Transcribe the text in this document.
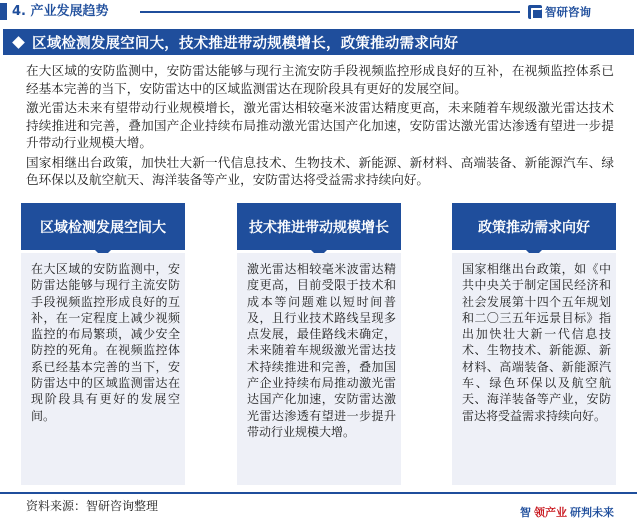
4. 产业发展趋势	智研咨询
区域检测发展空间大，技术推进带动规模增长，政策推动需求向好

在大区域的安防监测中，安防雷达能够与现行主流安防手段视频监控形成良好的互补，在视频监控体系已经基本完善的当下，安防雷达中的区域监测雷达在现阶段具有更好的发展空间。

激光雷达未来有望带动行业规模增长，激光雷达相较毫米波雷达精度更高，未来随着车规级激光雷达技术持续推进和完善，叠加国产企业持续布局推动激光雷达国产化加速，安防雷达激光雷达渗透有望进一步提升带动行业规模大增。

国家相继出台政策，加快壮大新一代信息技术、生物技术、新能源、新材料、高端装备、新能源汽车、绿色环保以及航空航天、海洋装备等产业，安防雷达将受益需求持续向好。

区域检测发展空间大

在大区域的安防监测中，安防雷达能够与现行主流安防手段视频监控形成良好的互补，在一定程度上减少视频监控的布局繁琐，减少安全防控的死角。在视频监控体系已经基本完善的当下，安防雷达中的区域监测雷达在现阶段具有更好的发展空间。

技术推进带动规模增长

激光雷达相较毫米波雷达精度更高，目前受限于技术和成本等问题难以短时间普及，且行业技术路线呈现多点发展，最佳路线未确定，未来随着车规级激光雷达技术持续推进和完善，叠加国产企业持续布局推动激光雷达国产化加速，安防雷达激光雷达渗透有望进一步提升带动行业规模大增。

政策推动需求向好

国家相继出台政策，如《中共中央关于制定国民经济和社会发展第十四个五年规划和二〇三五年远景目标》指出加快壮大新一代信息技术、生物技术、新能源、新材料、高端装备、新能源汽车、绿色环保以及航空航天、海洋装备等产业，安防雷达将受益需求持续向好。

资料来源：智研咨询整理	智 领产业 研判未来
